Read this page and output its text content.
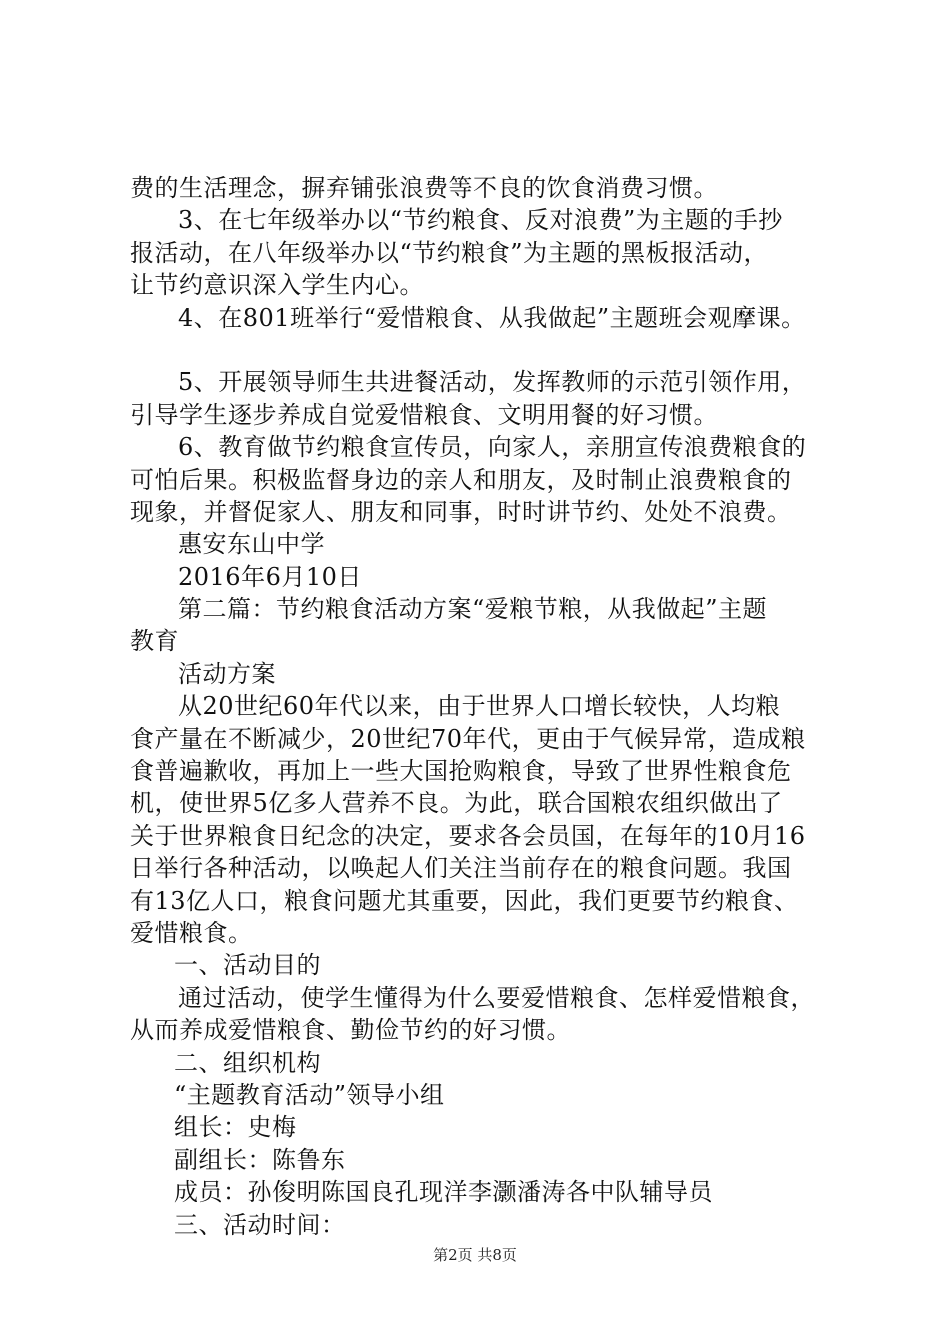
费的生活理念，摒弃铺张浪费等不良的饮食消费习惯。
3、在七年级举办以“节约粮食、反对浪费”为主题的手抄
报活动，在八年级举办以“节约粮食”为主题的黑板报活动，
让节约意识深入学生内心。
4、在801班举行“爱惜粮食、从我做起”主题班会观摩课。
5、开展领导师生共进餐活动，发挥教师的示范引领作用，
引导学生逐步养成自觉爱惜粮食、文明用餐的好习惯。
6、教育做节约粮食宣传员，向家人，亲朋宣传浪费粮食的
可怕后果。积极监督身边的亲人和朋友，及时制止浪费粮食的
现象，并督促家人、朋友和同事，时时讲节约、处处不浪费。
惠安东山中学
2016年6月10日
第二篇：节约粮食活动方案“爱粮节粮，从我做起”主题
教育
活动方案
从20世纪60年代以来，由于世界人口增长较快，人均粮
食产量在不断减少，20世纪70年代，更由于气候异常，造成粮
食普遍歉收，再加上一些大国抢购粮食，导致了世界性粮食危
机，使世界5亿多人营养不良。为此，联合国粮农组织做出了
关于世界粮食日纪念的决定，要求各会员国，在每年的10月16
日举行各种活动，以唤起人们关注当前存在的粮食问题。我国
有13亿人口，粮食问题尤其重要，因此，我们更要节约粮食、
爱惜粮食。
一、活动目的
通过活动，使学生懂得为什么要爱惜粮食、怎样爱惜粮食，
从而养成爱惜粮食、勤俭节约的好习惯。
二、组织机构
“主题教育活动”领导小组
组长：史梅
副组长：陈鲁东
成员：孙俊明陈国良孔现洋李灏潘涛各中队辅导员
三、活动时间：
第2页 共8页
